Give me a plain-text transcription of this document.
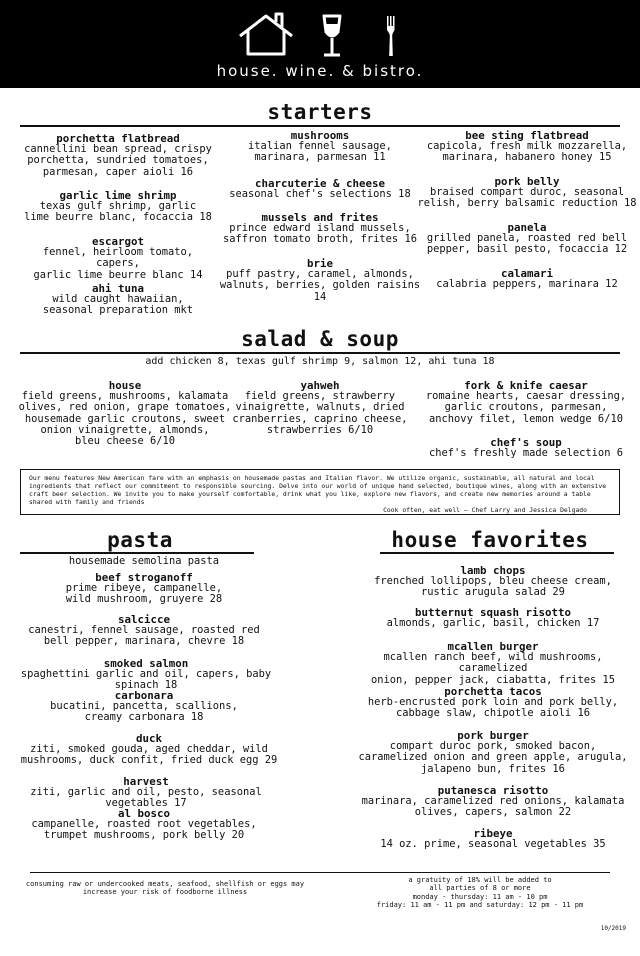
house. wine. & bistro.
starters
porchetta flatbread
cannellini bean spread, crispy
porchetta, sundried tomatoes,
parmesan, caper aioli 16
garlic lime shrimp
texas gulf shrimp, garlic
lime beurre blanc, focaccia 18
escargot
fennel, heirloom tomato, capers,
garlic lime beurre blanc 14
ahi tuna
wild caught hawaiian,
seasonal preparation mkt
mushrooms
italian fennel sausage,
marinara, parmesan 11
charcuterie & cheese
seasonal chef's selections 18
mussels and frites
prince edward island mussels,
saffron tomato broth, frites 16
brie
puff pastry, caramel, almonds,
walnuts, berries, golden raisins 14
bee sting flatbread
capicola, fresh milk mozzarella,
marinara, habanero honey 15
pork belly
braised compart duroc, seasonal
relish, berry balsamic reduction 18
panela
grilled panela, roasted red bell
pepper, basil pesto, focaccia 12
calamari
calabria peppers, marinara 12
salad & soup
add chicken 8, texas gulf shrimp 9, salmon 12, ahi tuna 18
house
field greens, mushrooms, kalamata
olives, red onion, grape tomatoes,
housemade garlic croutons, sweet
onion vinaigrette, almonds,
bleu cheese 6/10
yahweh
field greens, strawberry
vinaigrette, walnuts, dried
cranberries, caprino cheese,
strawberries 6/10
fork & knife caesar
romaine hearts, caesar dressing,
garlic croutons, parmesan,
anchovy filet, lemon wedge 6/10
chef's soup
chef's freshly made selection 6
Our menu features New American fare with an emphasis on housemade pastas and Italian flavor. We utilize organic, sustainable, all natural and local ingredients that reflect our commitment to responsible sourcing. Delve into our world of unique hand selected, boutique wines, along with an extensive craft beer selection. We invite you to make yourself comfortable, drink what you like, explore new flavors, and create new memories around a table shared with family and friends
Cook often, eat well – Chef Larry and Jessica Delgado
pasta
housemade semolina pasta
beef stroganoff
prime ribeye, campanelle,
wild mushroom, gruyere 28
salcicce
canestri, fennel sausage, roasted red
bell pepper, marinara, chevre 18
smoked salmon
spaghettini garlic and oil, capers, baby spinach 18
carbonara
bucatini, pancetta, scallions,
creamy carbonara 18
duck
ziti, smoked gouda, aged cheddar, wild
mushrooms, duck confit, fried duck egg 29
harvest
ziti, garlic and oil, pesto, seasonal vegetables 17
al bosco
campanelle, roasted root vegetables,
trumpet mushrooms, pork belly 20
house favorites
lamb chops
frenched lollipops, bleu cheese cream,
rustic arugula salad 29
butternut squash risotto
almonds, garlic, basil, chicken 17
mcallen burger
mcallen ranch beef, wild mushrooms, caramelized
onion, pepper jack, ciabatta, frites 15
porchetta tacos
herb-encrusted pork loin and pork belly,
cabbage slaw, chipotle aioli 16
pork burger
compart duroc pork, smoked bacon,
caramelized onion and green apple, arugula,
jalapeno bun, frites 16
putanesca risotto
marinara, caramelized red onions, kalamata
olives, capers, salmon 22
ribeye
14 oz. prime, seasonal vegetables 35
consuming raw or undercooked meats, seafood, shellfish or eggs may
increase your risk of foodborne illness
a gratuity of 18% will be added to
all parties of 8 or more
monday - thursday: 11 am - 10 pm
friday: 11 am - 11 pm and saturday: 12 pm - 11 pm
10/2019
